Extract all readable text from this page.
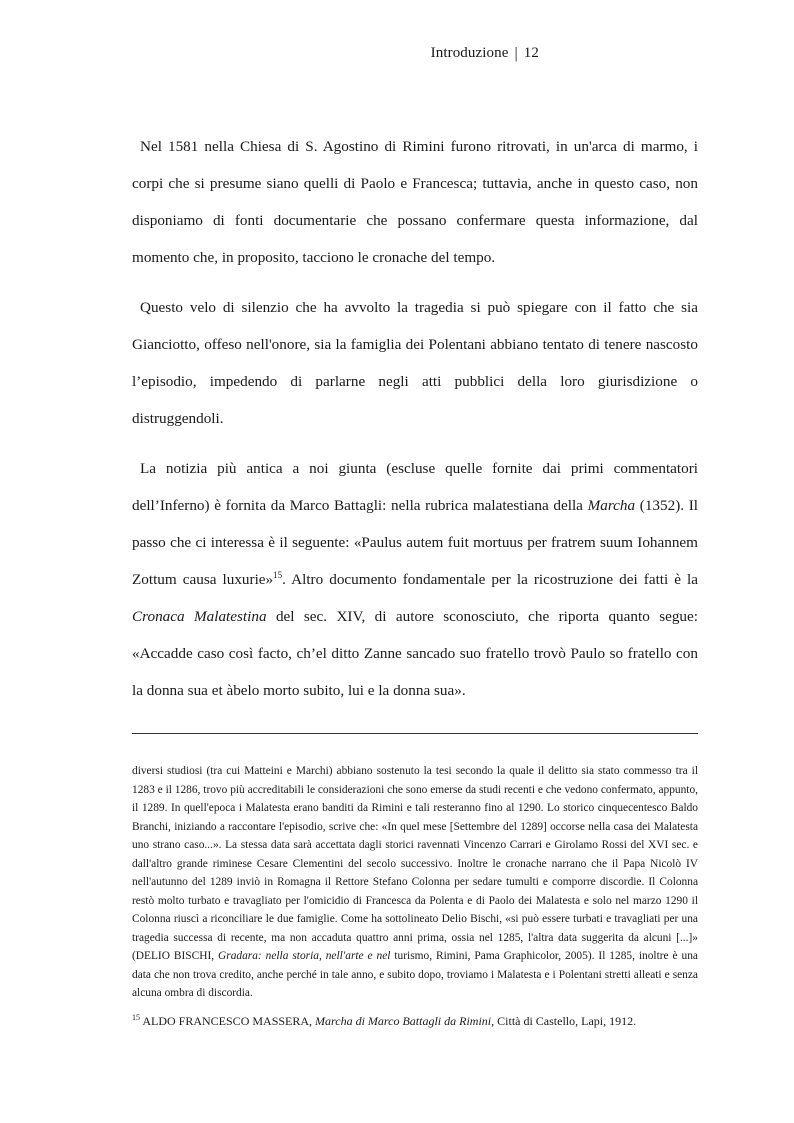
Introduzione | 12

Nel 1581 nella Chiesa di S. Agostino di Rimini furono ritrovati, in un'arca di marmo, i corpi che si presume siano quelli di Paolo e Francesca; tuttavia, anche in questo caso, non disponiamo di fonti documentarie che possano confermare questa informazione, dal momento che, in proposito, tacciono le cronache del tempo.

Questo velo di silenzio che ha avvolto la tragedia si può spiegare con il fatto che sia Gianciotto, offeso nell'onore, sia la famiglia dei Polentani abbiano tentato di tenere nascosto l’episodio, impedendo di parlarne negli atti pubblici della loro giurisdizione o distruggendoli.

La notizia più antica a noi giunta (escluse quelle fornite dai primi commentatori dell’Inferno) è fornita da Marco Battagli: nella rubrica malatestiana della Marcha (1352). Il passo che ci interessa è il seguente: «Paulus autem fuit mortuus per fratrem suum Iohannem Zottum causa luxurie»$^{15}$. Altro documento fondamentale per la ricostruzione dei fatti è la Cronaca Malatestina del sec. XIV, di autore sconosciuto, che riporta quanto segue: «Accadde caso così facto, ch’el ditto Zanne sancado suo fratello trovò Paulo so fratello con la donna sua et àbelo morto subito, lui e la donna sua».

diversi studiosi (tra cui Matteini e Marchi) abbiano sostenuto la tesi secondo la quale il delitto sia stato commesso tra il 1283 e il 1286, trovo più accreditabili le considerazioni che sono emerse da studi recenti e che vedono confermato, appunto, il 1289. In quell'epoca i Malatesta erano banditi da Rimini e tali resteranno fino al 1290. Lo storico cinquecentesco Baldo Branchi, iniziando a raccontare l'episodio, scrive che: «In quel mese [Settembre del 1289] occorse nella casa dei Malatesta uno strano caso...». La stessa data sarà accettata dagli storici ravennati Vincenzo Carrari e Girolamo Rossi del XVI sec. e dall'altro grande riminese Cesare Clementini del secolo successivo. Inoltre le cronache narrano che il Papa Nicolò IV nell'autunno del 1289 inviò in Romagna il Rettore Stefano Colonna per sedare tumulti e comporre discordie. Il Colonna restò molto turbato e travagliato per l'omicidio di Francesca da Polenta e di Paolo dei Malatesta e solo nel marzo 1290 il Colonna riuscì a riconciliare le due famiglie. Come ha sottolineato Delio Bischi, «si può essere turbati e travagliati per una tragedia successa di recente, ma non accaduta quattro anni prima, ossia nel 1285, l'altra data suggerita da alcuni [...]» (DELIO BISCHI, Gradara: nella storia, nell'arte e nel turismo, Rimini, Pama Graphicolor, 2005). Il 1285, inoltre è una data che non trova credito, anche perché in tale anno, e subito dopo, troviamo i Malatesta e i Polentani stretti alleati e senza alcuna ombra di discordia.

$^{15}$ ALDO FRANCESCO MASSERA, Marcha di Marco Battagli da Rimini, Città di Castello, Lapi, 1912.
